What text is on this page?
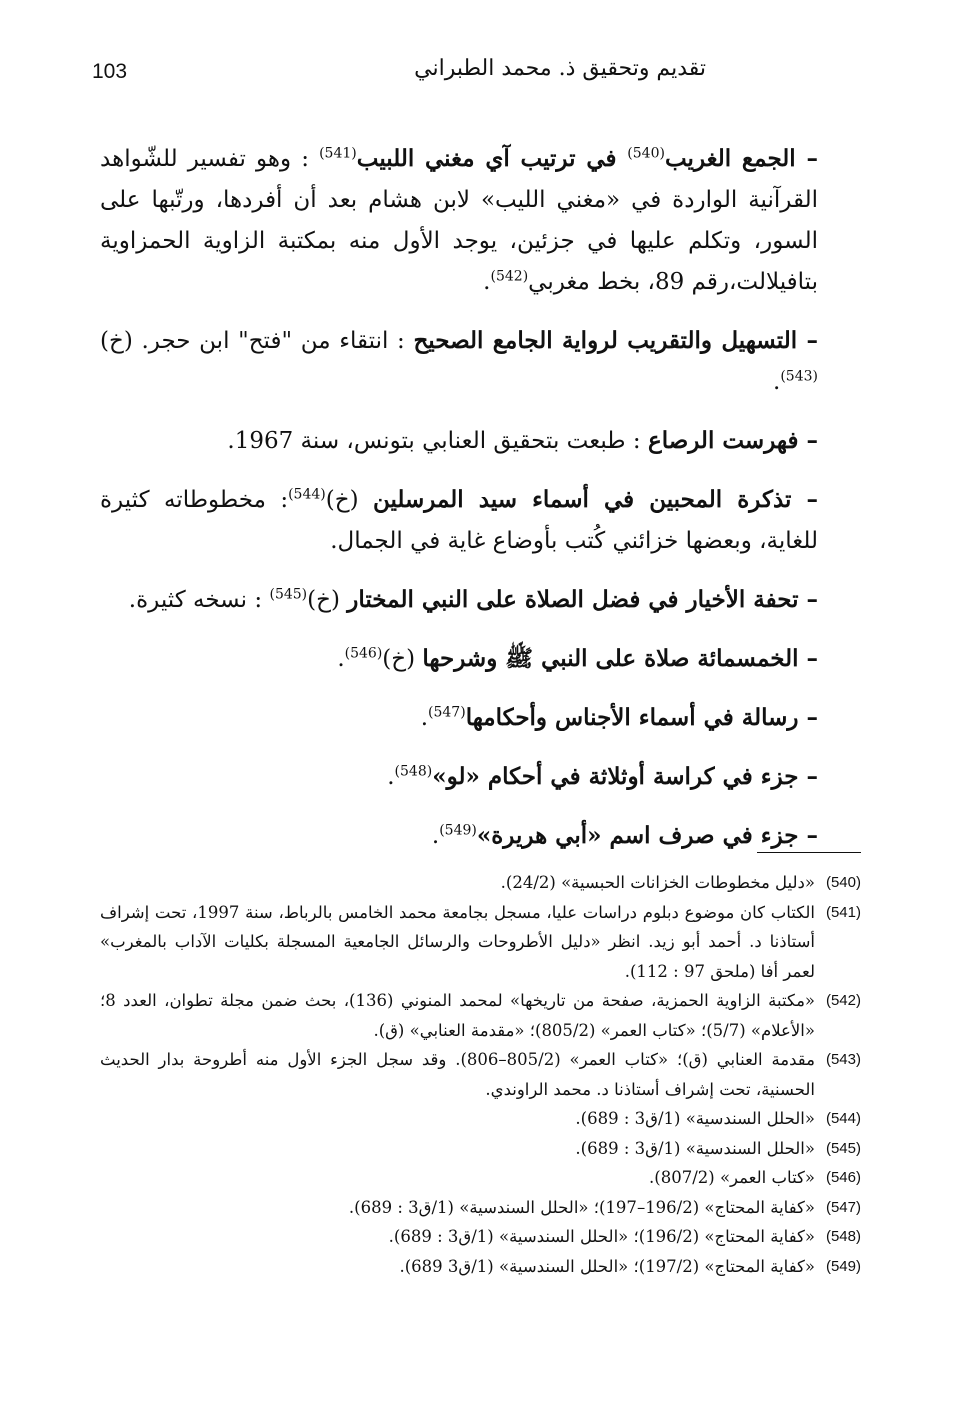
103	تقديم وتحقيق ذ. محمد الطبراني

– الجمع الغريب$^{(540)}$ في ترتيب آي مغني اللبيب$^{(541)}$ : وهو تفسير للشّواهد القرآنية الواردة في «مغني الليب» لابن هشام بعد أن أفردها، ورتّبها على السور، وتكلم عليها في جزئين، يوجد الأول منه بمكتبة الزاوية الحمزاوية بتافيلالت،رقم 89، بخط مغربي$^{(542)}$.

– التسهيل والتقريب لرواية الجامع الصحيح : انتقاء من "فتح" ابن حجر. (خ)$^{(543)}$.

– فهرست الرصاع : طبعت بتحقيق العنابي بتونس، سنة 1967.

– تذكرة المحبين في أسماء سيد المرسلين (خ)$^{(544)}$: مخطوطاته كثيرة للغاية، وبعضها خزائني كُتب بأوضاع غاية في الجمال.

– تحفة الأخيار في فضل الصلاة على النبي المختار (خ)$^{(545)}$ : نسخه كثيرة.

– الخمسمائة صلاة على النبي ﷺ وشرحها (خ)$^{(546)}$.

– رسالة في أسماء الأجناس وأحكامها$^{(547)}$.

– جزء في كراسة أوثلاثة في أحكام «لو»$^{(548)}$.

– جزء في صرف اسم «أبي هريرة»$^{(549)}$.

(540)
«دليل مخطوطات الخزانات الحبسية» (24/2).

(541)
الكتاب كان موضوع دبلوم دراسات عليا، مسجل بجامعة محمد الخامس بالرباط، سنة 1997، تحت إشراف أستاذنا د. أحمد أبو زيد. انظر «دليل الأطروحات والرسائل الجامعية المسجلة بكليات الآداب بالمغرب» لعمر أفا (ملحق 97 : 112).

(542)
«مكتبة الزاوية الحمزية، صفحة من تاريخها» لمحمد المنوني (136)، بحث ضمن مجلة تطوان، العدد 8؛ «الأعلام» (5/7)؛ «كتاب العمر» (805/2)؛ «مقدمة العنابي» (ق).

(543)
مقدمة العنابي (ق)؛ «كتاب العمر» (805/2–806). وقد سجل الجزء الأول منه أطروحة بدار الحديث الحسنية، تحت إشراف أستاذنا د. محمد الراوندي.

(544)
«الحلل السندسية» (1/ق3 : 689).

(545)
«الحلل السندسية» (1/ق3 : 689).

(546)
«كتاب العمر» (807/2).

(547)
«كفاية المحتاج» (196/2–197)؛ «الحلل السندسية» (1/ق3 : 689).

(548)
«كفاية المحتاج» (196/2)؛ «الحلل السندسية» (1/ق3 : 689).

(549)
«كفاية المحتاج» (197/2)؛ «الحلل السندسية» (1/ق3 689).
